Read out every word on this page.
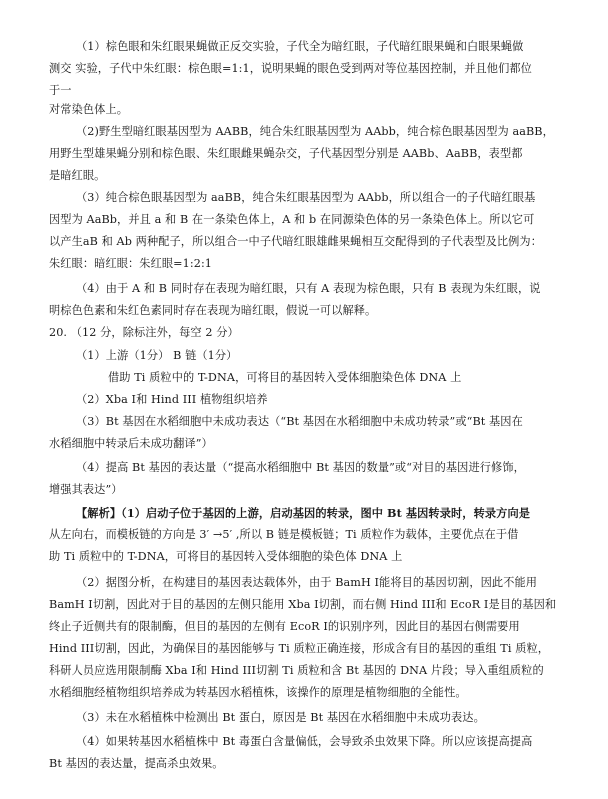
（1）棕色眼和朱红眼果蝇做正反交实验，子代全为暗红眼，子代暗红眼果蝇和白眼果蝇做
测交 实验，子代中朱红眼：棕色眼=1:1，说明果蝇的眼色受到两对等位基因控制，并且他们都位
于一
对常染色体上。
（2)野生型暗红眼基因型为 AABB，纯合朱红眼基因型为 AAbb，纯合棕色眼基因型为 aaBB，
用野生型雄果蝇分别和棕色眼、朱红眼雌果蝇杂交，子代基因型分别是 AABb、AaBB，表型都
是暗红眼。
（3）纯合棕色眼基因型为 aaBB，纯合朱红眼基因型为 AAbb，所以组合一的子代暗红眼基
因型为 AaBb，并且 a 和 B 在一条染色体上，A 和 b 在同源染色体的另一条染色体上。所以它可
以产生aB 和 Ab 两种配子，所以组合一中子代暗红眼雄雌果蝇相互交配得到的子代表型及比例为：
朱红眼：暗红眼：朱红眼=1:2:1
（4）由于 A 和 B 同时存在表现为暗红眼，只有 A 表现为棕色眼，只有 B 表现为朱红眼，说
明棕色色素和朱红色素同时存在表现为暗红眼，假说一可以解释。
20. （12 分，除标注外，每空 2 分）
（1）上游（1分） B 链（1分）
借助 Ti 质粒中的 T-DNA，可将目的基因转入受体细胞染色体 DNA 上
（2）Xba I和 Hind III 植物组织培养
（3）Bt 基因在水稻细胞中未成功表达（“Bt 基因在水稻细胞中未成功转录”或“Bt 基因在
水稻细胞中转录后未成功翻译”）
（4）提高 Bt 基因的表达量（“提高水稻细胞中 Bt 基因的数量”或“对目的基因进行修饰，
增强其表达”）
【解析】（1）启动子位于基因的上游，启动基因的转录，图中 Bt 基因转录时，转录方向是
从左向右，而模板链的方向是 3′ →5′ ,所以 B 链是模板链；Ti 质粒作为载体，主要优点在于借
助 Ti 质粒中的 T-DNA，可将目的基因转入受体细胞的染色体 DNA 上
（2）据图分析，在构建目的基因表达载体外，由于 BamH I能将目的基因切割，因此不能用
BamH I切割，因此对于目的基因的左侧只能用 Xba I切割，而右侧 Hind III和 EcoR I是目的基因和
终止子近侧共有的限制酶，但目的基因的左侧有 EcoR I的识别序列，因此目的基因右侧需要用
Hind III切割，因此，为确保目的基因能够与 Ti 质粒正确连接，形成含有目的基因的重组 Ti 质粒，
科研人员应选用限制酶 Xba I和 Hind III切割 Ti 质粒和含 Bt 基因的 DNA 片段；导入重组质粒的
水稻细胞经植物组织培养成为转基因水稻植株，该操作的原理是植物细胞的全能性。
（3）未在水稻植株中检测出 Bt 蛋白，原因是 Bt 基因在水稻细胞中未成功表达。
（4）如果转基因水稻植株中 Bt 毒蛋白含量偏低，会导致杀虫效果下降。所以应该提高提高
Bt 基因的表达量，提高杀虫效果。
